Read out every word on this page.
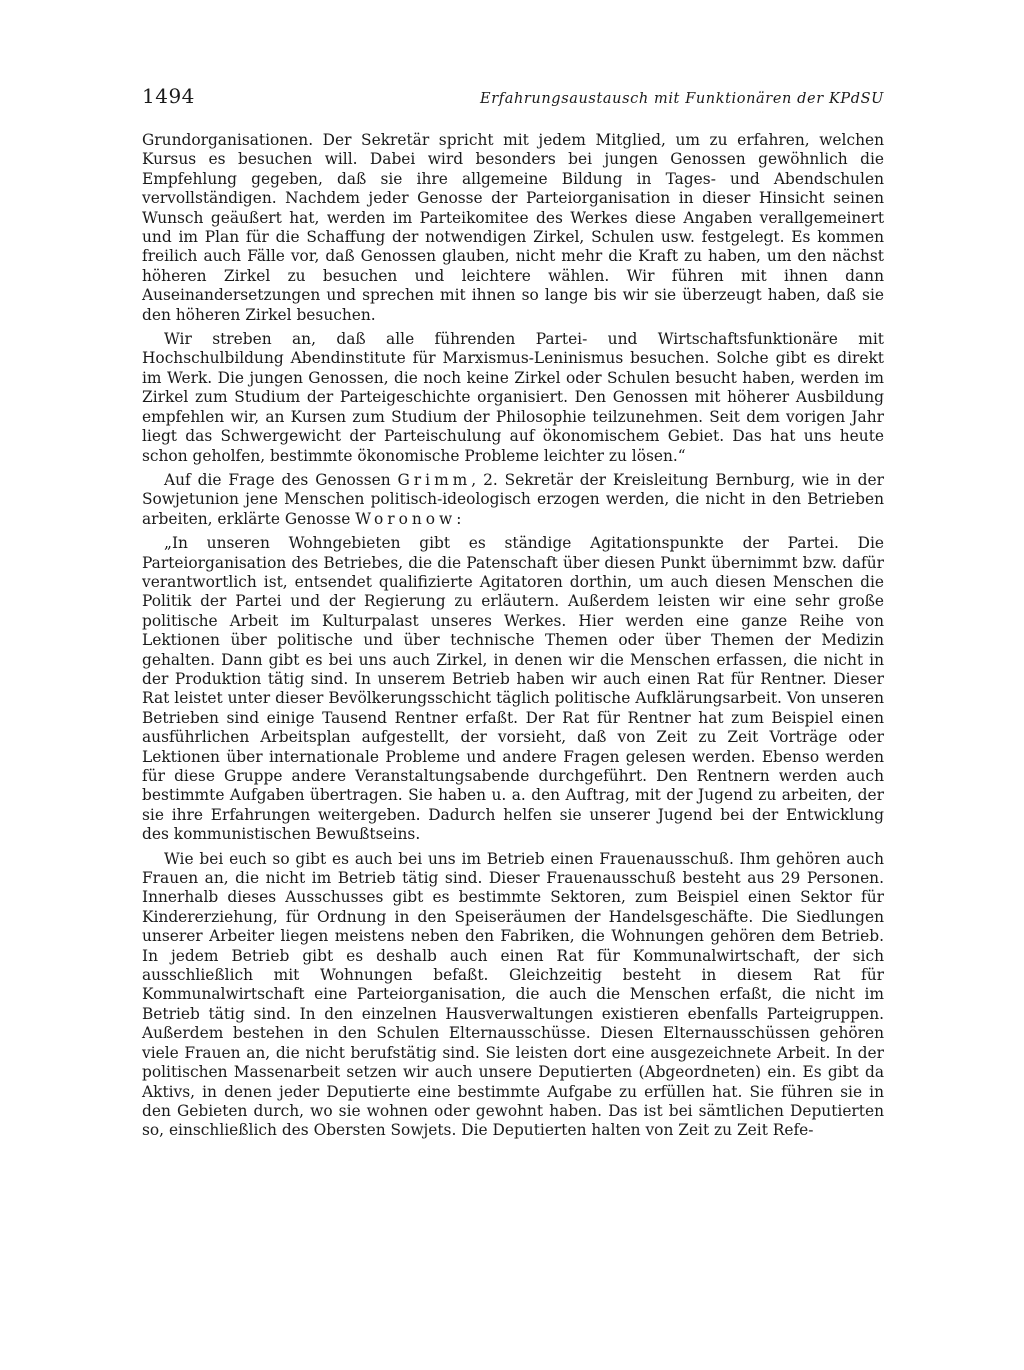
1494	Erfahrungsaustausch mit Funktionären der KPdSU

Grundorganisationen. Der Sekretär spricht mit jedem Mitglied, um zu erfahren, welchen Kursus es besuchen will. Dabei wird besonders bei jungen Genossen gewöhnlich die Empfehlung gegeben, daß sie ihre allgemeine Bildung in Tages- und Abendschulen vervollständigen. Nachdem jeder Genosse der Parteiorganisation in dieser Hinsicht seinen Wunsch geäußert hat, werden im Parteikomitee des Werkes diese Angaben verallgemeinert und im Plan für die Schaffung der notwendigen Zirkel, Schulen usw. festgelegt. Es kommen freilich auch Fälle vor, daß Genossen glauben, nicht mehr die Kraft zu haben, um den nächst höheren Zirkel zu besuchen und leichtere wählen. Wir führen mit ihnen dann Auseinandersetzungen und sprechen mit ihnen so lange bis wir sie überzeugt haben, daß sie den höheren Zirkel besuchen.

Wir streben an, daß alle führenden Partei- und Wirtschaftsfunktionäre mit Hochschulbildung Abendinstitute für Marxismus-Leninismus besuchen. Solche gibt es direkt im Werk. Die jungen Genossen, die noch keine Zirkel oder Schulen besucht haben, werden im Zirkel zum Studium der Parteigeschichte organisiert. Den Genossen mit höherer Ausbildung empfehlen wir, an Kursen zum Studium der Philosophie teilzunehmen. Seit dem vorigen Jahr liegt das Schwergewicht der Parteischulung auf ökonomischem Gebiet. Das hat uns heute schon geholfen, bestimmte ökonomische Probleme leichter zu lösen.“

Auf die Frage des Genossen Grimm, 2. Sekretär der Kreisleitung Bernburg, wie in der Sowjetunion jene Menschen politisch-ideologisch erzogen werden, die nicht in den Betrieben arbeiten, erklärte Genosse Woronow:

„In unseren Wohngebieten gibt es ständige Agitationspunkte der Partei. Die Parteiorganisation des Betriebes, die die Patenschaft über diesen Punkt übernimmt bzw. dafür verantwortlich ist, entsendet qualifizierte Agitatoren dorthin, um auch diesen Menschen die Politik der Partei und der Regierung zu erläutern. Außerdem leisten wir eine sehr große politische Arbeit im Kulturpalast unseres Werkes. Hier werden eine ganze Reihe von Lektionen über politische und über technische Themen oder über Themen der Medizin gehalten. Dann gibt es bei uns auch Zirkel, in denen wir die Menschen erfassen, die nicht in der Produktion tätig sind. In unserem Betrieb haben wir auch einen Rat für Rentner. Dieser Rat leistet unter dieser Bevölkerungsschicht täglich politische Aufklärungsarbeit. Von unseren Betrieben sind einige Tausend Rentner erfaßt. Der Rat für Rentner hat zum Beispiel einen ausführlichen Arbeitsplan aufgestellt, der vorsieht, daß von Zeit zu Zeit Vorträge oder Lektionen über internationale Probleme und andere Fragen gelesen werden. Ebenso werden für diese Gruppe andere Veranstaltungsabende durchgeführt. Den Rentnern werden auch bestimmte Aufgaben übertragen. Sie haben u. a. den Auftrag, mit der Jugend zu arbeiten, der sie ihre Erfahrungen weitergeben. Dadurch helfen sie unserer Jugend bei der Entwicklung des kommunistischen Bewußtseins.

Wie bei euch so gibt es auch bei uns im Betrieb einen Frauenausschuß. Ihm gehören auch Frauen an, die nicht im Betrieb tätig sind. Dieser Frauenausschuß besteht aus 29 Personen. Innerhalb dieses Ausschusses gibt es bestimmte Sektoren, zum Beispiel einen Sektor für Kindererziehung, für Ordnung in den Speiseräumen der Handelsgeschäfte. Die Siedlungen unserer Arbeiter liegen meistens neben den Fabriken, die Wohnungen gehören dem Betrieb. In jedem Betrieb gibt es deshalb auch einen Rat für Kommunalwirtschaft, der sich ausschließlich mit Wohnungen befaßt. Gleichzeitig besteht in diesem Rat für Kommunalwirtschaft eine Parteiorganisation, die auch die Menschen erfaßt, die nicht im Betrieb tätig sind. In den einzelnen Hausverwaltungen existieren ebenfalls Parteigruppen. Außerdem bestehen in den Schulen Elternausschüsse. Diesen Elternausschüssen gehören viele Frauen an, die nicht berufstätig sind. Sie leisten dort eine ausgezeichnete Arbeit. In der politischen Massenarbeit setzen wir auch unsere Deputierten (Abgeordneten) ein. Es gibt da Aktivs, in denen jeder Deputierte eine bestimmte Aufgabe zu erfüllen hat. Sie führen sie in den Gebieten durch, wo sie wohnen oder gewohnt haben. Das ist bei sämtlichen Deputierten so, einschließlich des Obersten Sowjets. Die Deputierten halten von Zeit zu Zeit Refe-
